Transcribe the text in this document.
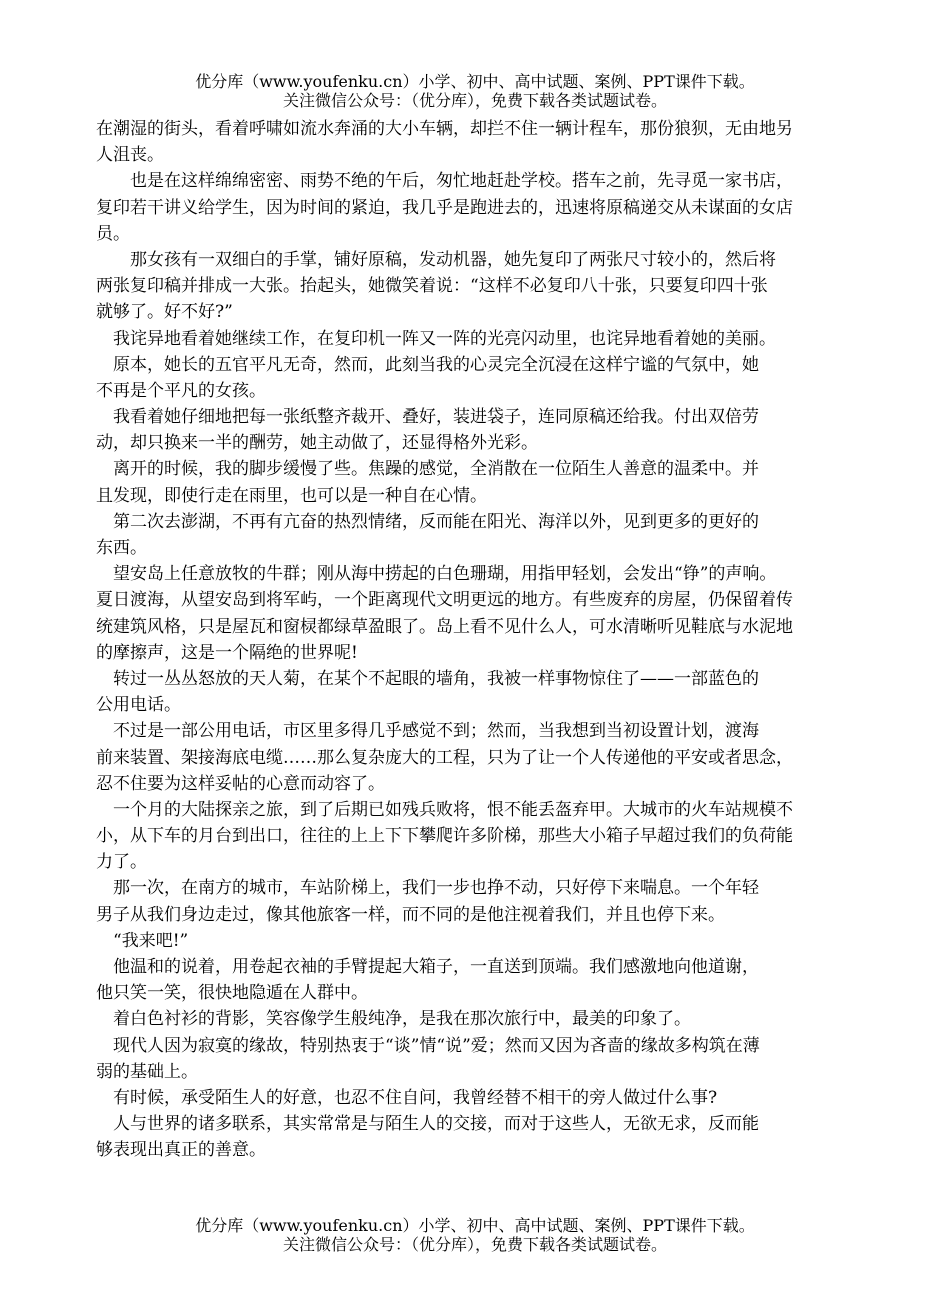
优分库（www.youfenku.cn）小学、初中、高中试题、案例、PPT课件下载。
关注微信公众号：（优分库），免费下载各类试题试卷。
在潮湿的街头，看着呼啸如流水奔涌的大小车辆，却拦不住一辆计程车，那份狼狈，无由地另
人沮丧。
　　也是在这样绵绵密密、雨势不绝的午后，匆忙地赶赴学校。搭车之前，先寻觅一家书店，
复印若干讲义给学生，因为时间的紧迫，我几乎是跑进去的，迅速将原稿递交从未谋面的女店
员。
　　那女孩有一双细白的手掌，铺好原稿，发动机器，她先复印了两张尺寸较小的，然后将
两张复印稿并排成一大张。抬起头，她微笑着说：“这样不必复印八十张，只要复印四十张
就够了。好不好?”
　我诧异地看着她继续工作，在复印机一阵又一阵的光亮闪动里，也诧异地看着她的美丽。
　原本，她长的五官平凡无奇，然而，此刻当我的心灵完全沉浸在这样宁谧的气氛中，她
不再是个平凡的女孩。
　我看着她仔细地把每一张纸整齐裁开、叠好，装进袋子，连同原稿还给我。付出双倍劳
动，却只换来一半的酬劳，她主动做了，还显得格外光彩。
　离开的时候，我的脚步缓慢了些。焦躁的感觉，全消散在一位陌生人善意的温柔中。并
且发现，即使行走在雨里，也可以是一种自在心情。
　第二次去澎湖，不再有亢奋的热烈情绪，反而能在阳光、海洋以外，见到更多的更好的
东西。
　望安岛上任意放牧的牛群；刚从海中捞起的白色珊瑚，用指甲轻划，会发出“铮”的声响。
夏日渡海，从望安岛到将军屿，一个距离现代文明更远的地方。有些废弃的房屋，仍保留着传
统建筑风格，只是屋瓦和窗棂都绿草盈眼了。岛上看不见什么人，可水清晰听见鞋底与水泥地
的摩擦声，这是一个隔绝的世界呢!
　转过一丛丛怒放的天人菊，在某个不起眼的墙角，我被一样事物惊住了——一部蓝色的
公用电话。
　不过是一部公用电话，市区里多得几乎感觉不到；然而，当我想到当初设置计划，渡海
前来装置、架接海底电缆……那么复杂庞大的工程，只为了让一个人传递他的平安或者思念，
忍不住要为这样妥帖的心意而动容了。
　一个月的大陆探亲之旅，到了后期已如残兵败将，恨不能丢盔弃甲。大城市的火车站规模不
小，从下车的月台到出口，往往的上上下下攀爬许多阶梯，那些大小箱子早超过我们的负荷能
力了。
　那一次，在南方的城市，车站阶梯上，我们一步也挣不动，只好停下来喘息。一个年轻
男子从我们身边走过，像其他旅客一样，而不同的是他注视着我们，并且也停下来。
　“我来吧!”
　他温和的说着，用卷起衣袖的手臂提起大箱子，一直送到顶端。我们感激地向他道谢，
他只笑一笑，很快地隐遁在人群中。
　着白色衬衫的背影，笑容像学生般纯净，是我在那次旅行中，最美的印象了。
　现代人因为寂寞的缘故，特别热衷于“谈”情“说”爱；然而又因为吝啬的缘故多构筑在薄
弱的基础上。
　有时候，承受陌生人的好意，也忍不住自问，我曾经替不相干的旁人做过什么事?
　人与世界的诸多联系，其实常常是与陌生人的交接，而对于这些人，无欲无求，反而能
够表现出真正的善意。
优分库（www.youfenku.cn）小学、初中、高中试题、案例、PPT课件下载。
关注微信公众号：（优分库），免费下载各类试题试卷。
